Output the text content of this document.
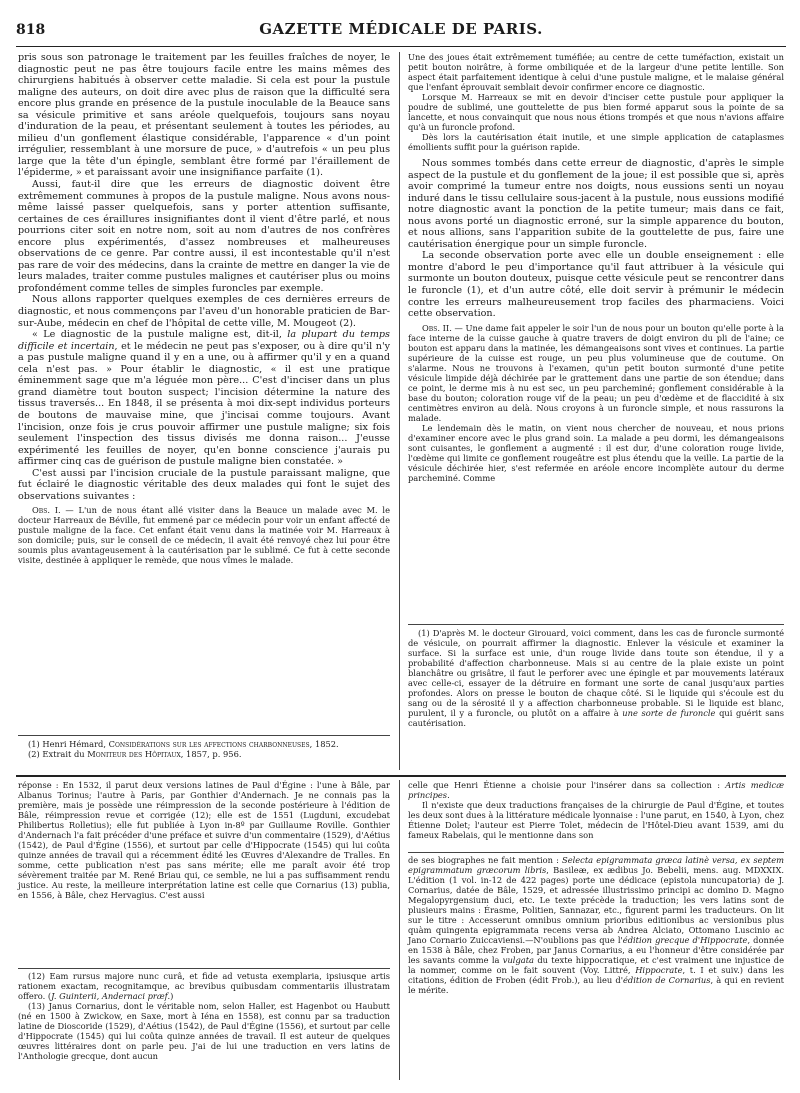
818	GAZETTE MÉDICALE DE PARIS.

pris sous son patronage le traitement par les feuilles fraîches de noyer, le diagnostic peut ne pas être toujours facile entre les mains mêmes des chirurgiens habitués à observer cette maladie. Si cela est pour la pustule maligne des auteurs, on doit dire avec plus de raison que la difficulté sera encore plus grande en présence de la pustule inoculable de la Beauce sans sa vésicule primitive et sans aréole quelquefois, toujours sans noyau d'induration de la peau, et présentant seulement à toutes les périodes, au milieu d'un gonflement élastique considérable, l'apparence « d'un point irrégulier, ressemblant à une morsure de puce, » d'autrefois « un peu plus large que la tête d'un épingle, semblant être formé par l'éraillement de l'épiderme, » et paraissant avoir une insignifiance parfaite (1).

Aussi, faut-il dire que les erreurs de diagnostic doivent être extrêmement communes à propos de la pustule maligne. Nous avons nous-même laissé passer quelquefois, sans y porter attention suffisante, certaines de ces éraillures insignifiantes dont il vient d'être parlé, et nous pourrions citer soit en notre nom, soit au nom d'autres de nos confrères encore plus expérimentés, d'assez nombreuses et malheureuses observations de ce genre. Par contre aussi, il est incontestable qu'il n'est pas rare de voir des médecins, dans la crainte de mettre en danger la vie de leurs malades, traiter comme pustules malignes et cautériser plus ou moins profondément comme telles de simples furoncles par exemple.

Nous allons rapporter quelques exemples de ces dernières erreurs de diagnostic, et nous commençons par l'aveu d'un honorable praticien de Bar-sur-Aube, médecin en chef de l'hôpital de cette ville, M. Mougeot (2).

« Le diagnostic de la pustule maligne est, dit-il, la plupart du temps difficile et incertain, et le médecin ne peut pas s'exposer, ou à dire qu'il n'y a pas pustule maligne quand il y en a une, ou à affirmer qu'il y en a quand cela n'est pas. » Pour établir le diagnostic, « il est une pratique éminemment sage que m'a léguée mon père... C'est d'inciser dans un plus grand diamètre tout bouton suspect; l'incision détermine la nature des tissus traversés... En 1848, il se présenta à moi dix-sept individus porteurs de boutons de mauvaise mine, que j'incisai comme toujours. Avant l'incision, onze fois je crus pouvoir affirmer une pustule maligne; six fois seulement l'inspection des tissus divisés me donna raison... J'eusse expérimenté les feuilles de noyer, qu'en bonne conscience j'aurais pu affirmer cinq cas de guérison de pustule maligne bien constatée. »

C'est aussi par l'incision cruciale de la pustule paraissant maligne, que fut éclairé le diagnostic véritable des deux malades qui font le sujet des observations suivantes :

Obs. I. — L'un de nous étant allé visiter dans la Beauce un malade avec M. le docteur Harreaux de Béville, fut emmené par ce médecin pour voir un enfant affecté de pustule maligne de la face. Cet enfant était venu dans la matinée voir M. Harreaux à son domicile; puis, sur le conseil de ce médecin, il avait été renvoyé chez lui pour être soumis plus avantageusement à la cautérisation par le sublimé. Ce fut à cette seconde visite, destinée à appliquer le remède, que nous vîmes le malade.

(1) Henri Hémard, Considérations sur les affections charbonneuses, 1852.

(2) Extrait du Moniteur des Hôpitaux, 1857, p. 956.

Une des joues était extrêmement tuméfiée; au centre de cette tuméfaction, existait un petit bouton noirâtre, à forme ombiliquée et de la largeur d'une petite lentille. Son aspect était parfaitement identique à celui d'une pustule maligne, et le malaise général que l'enfant éprouvait semblait devoir confirmer encore ce diagnostic.

Lorsque M. Harreaux se mit en devoir d'inciser cette pustule pour appliquer la poudre de sublimé, une gouttelette de pus bien formé apparut sous la pointe de sa lancette, et nous convainquit que nous nous étions trompés et que nous n'avions affaire qu'à un furoncle profond.

Dès lors la cautérisation était inutile, et une simple application de cataplasmes émollients suffit pour la guérison rapide.

Nous sommes tombés dans cette erreur de diagnostic, d'après le simple aspect de la pustule et du gonflement de la joue; il est possible que si, après avoir comprimé la tumeur entre nos doigts, nous eussions senti un noyau induré dans le tissu cellulaire sous-jacent à la pustule, nous eussions modifié notre diagnostic avant la ponction de la petite tumeur; mais dans ce fait, nous avons porté un diagnostic erroné, sur la simple apparence du bouton, et nous allions, sans l'apparition subite de la gouttelette de pus, faire une cautérisation énergique pour un simple furoncle.

La seconde observation porte avec elle un double enseignement : elle montre d'abord le peu d'importance qu'il faut attribuer à la vésicule qui surmonte un bouton douteux, puisque cette vésicule peut se rencontrer dans le furoncle (1), et d'un autre côté, elle doit servir à prémunir le médecin contre les erreurs malheureusement trop faciles des pharmaciens. Voici cette observation.

Obs. II. — Une dame fait appeler le soir l'un de nous pour un bouton qu'elle porte à la face interne de la cuisse gauche à quatre travers de doigt environ du pli de l'aine; ce bouton est apparu dans la matinée, les démangeaisons sont vives et continues. La partie supérieure de la cuisse est rouge, un peu plus volumineuse que de coutume. On s'alarme. Nous ne trouvons à l'examen, qu'un petit bouton surmonté d'une petite vésicule limpide déjà déchirée par le grattement dans une partie de son étendue; dans ce point, le derme mis à nu est sec, un peu parcheminé; gonflement considérable à la base du bouton; coloration rouge vif de la peau; un peu d'œdème et de flaccidité à six centimètres environ au delà. Nous croyons à un furoncle simple, et nous rassurons la malade.

Le lendemain dès le matin, on vient nous chercher de nouveau, et nous prions d'examiner encore avec le plus grand soin. La malade a peu dormi, les démangeaisons sont cuisantes, le gonflement a augmenté : il est dur, d'une coloration rouge livide, l'œdème qui limite ce gonflement rougeâtre est plus étendu que la veille. La partie de la vésicule déchirée hier, s'est refermée en aréole encore incomplète autour du derme parcheminé. Comme

(1) D'après M. le docteur Girouard, voici comment, dans les cas de furoncle surmonté de vésicule, on pourrait affirmer la diagnostic. Enlever la vésicule et examiner la surface. Si la surface est unie, d'un rouge livide dans toute son étendue, il y a probabilité d'affection charbonneuse. Mais si au centre de la plaie existe un point blanchâtre ou grisâtre, il faut le perforer avec une épingle et par mouvements latéraux avec celle-ci, essayer de la détruire en formant une sorte de canal jusqu'aux parties profondes. Alors on presse le bouton de chaque côté. Si le liquide qui s'écoule est du sang ou de la sérosité il y a affection charbonneuse probable. Si le liquide est blanc, purulent, il y a furoncle, ou plutôt on a affaire à une sorte de furoncle qui guérit sans cautérisation.

réponse : En 1532, il parut deux versions latines de Paul d'Égine : l'une à Bâle, par Albanus Torinus; l'autre à Paris, par Gonthier d'Andernach. Je ne connais pas la première, mais je possède une réimpression de la seconde postérieure à l'édition de Bâle, réimpression revue et corrigée (12); elle est de 1551 (Lugduni, excudebat Philibertus Rolletius); elle fut publiée à Lyon in-8º par Guillaume Roville. Gonthier d'Andernach l'a fait précéder d'une préface et suivre d'un commentaire (1529), d'Aétius (1542), de Paul d'Égine (1556), et surtout par celle d'Hippocrate (1545) qui lui coûta quinze années de travail qui a récemment édité les Œuvres d'Alexandre de Tralles. En somme, cette publication n'est pas sans mérite; elle me paraît avoir été trop sévèrement traitée par M. René Briau qui, ce semble, ne lui a pas suffisamment rendu justice. Au reste, la meilleure interprétation latine est celle que Cornarius (13) publia, en 1556, à Bâle, chez Hervagius. C'est aussi

(12) Eam rursus majore nunc curâ, et fide ad vetusta exemplaria, ipsiusque artis rationem exactam, recognitamque, ac brevibus quibusdam commentariis illustratam offero. (J. Guinterii, Andernaci præf.)

(13) Janus Cornarius, dont le véritable nom, selon Haller, est Hagenbot ou Haubutt (né en 1500 à Zwickow, en Saxe, mort à Iéna en 1558), est connu par sa traduction latine de Dioscoride (1529), d'Aétius (1542), de Paul d'Égine (1556), et surtout par celle d'Hippocrate (1545) qui lui coûta quinze années de travail. Il est auteur de quelques œuvres littéraires dont on parle peu. J'ai de lui une traduction en vers latins de l'Anthologie grecque, dont aucun

celle que Henri Étienne a choisie pour l'insérer dans sa collection : Artis medicæ principes.

Il n'existe que deux traductions françaises de la chirurgie de Paul d'Égine, et toutes les deux sont dues à la littérature médicale lyonnaise : l'une parut, en 1540, à Lyon, chez Étienne Dolet; l'auteur est Pierre Tolet, médecin de l'Hôtel-Dieu avant 1539, ami du fameux Rabelais, qui le mentionne dans son

de ses biographes ne fait mention : Selecta epigrammata græca latinè versa, ex septem epigrammatum græcorum libris, Basileæ, ex ædibus Jo. Bebelii, mens. aug. MDXXIX. L'édition (1 vol. in-12 de 422 pages) porte une dédicace (epistola nuncupatoria) de J. Cornarius, datée de Bâle, 1529, et adressée illustrissimo principi ac domino D. Magno Megalopyrgensium duci, etc. Le texte précède la traduction; les vers latins sont de plusieurs mains : Érasme, Politien, Sannazar, etc., figurent parmi les traducteurs. On lit sur le titre : Accesserunt omnibus omnium prioribus editionibus ac versionibus plus quàm quingenta epigrammata recens versa ab Andrea Alciato, Ottomano Luscinio ac Jano Cornario Zuiccaviensi.—N'oublions pas que l'édition grecque d'Hippocrate, donnée en 1538 à Bâle, chez Froben, par Janus Cornarius, a eu l'honneur d'être considérée par les savants comme la vulgata du texte hippocratique, et c'est vraiment une injustice de la nommer, comme on le fait souvent (Voy. Littré, Hippocrate, t. I et suiv.) dans les citations, édition de Froben (édit Frob.), au lieu d'édition de Cornarius, à qui en revient le mérite.
